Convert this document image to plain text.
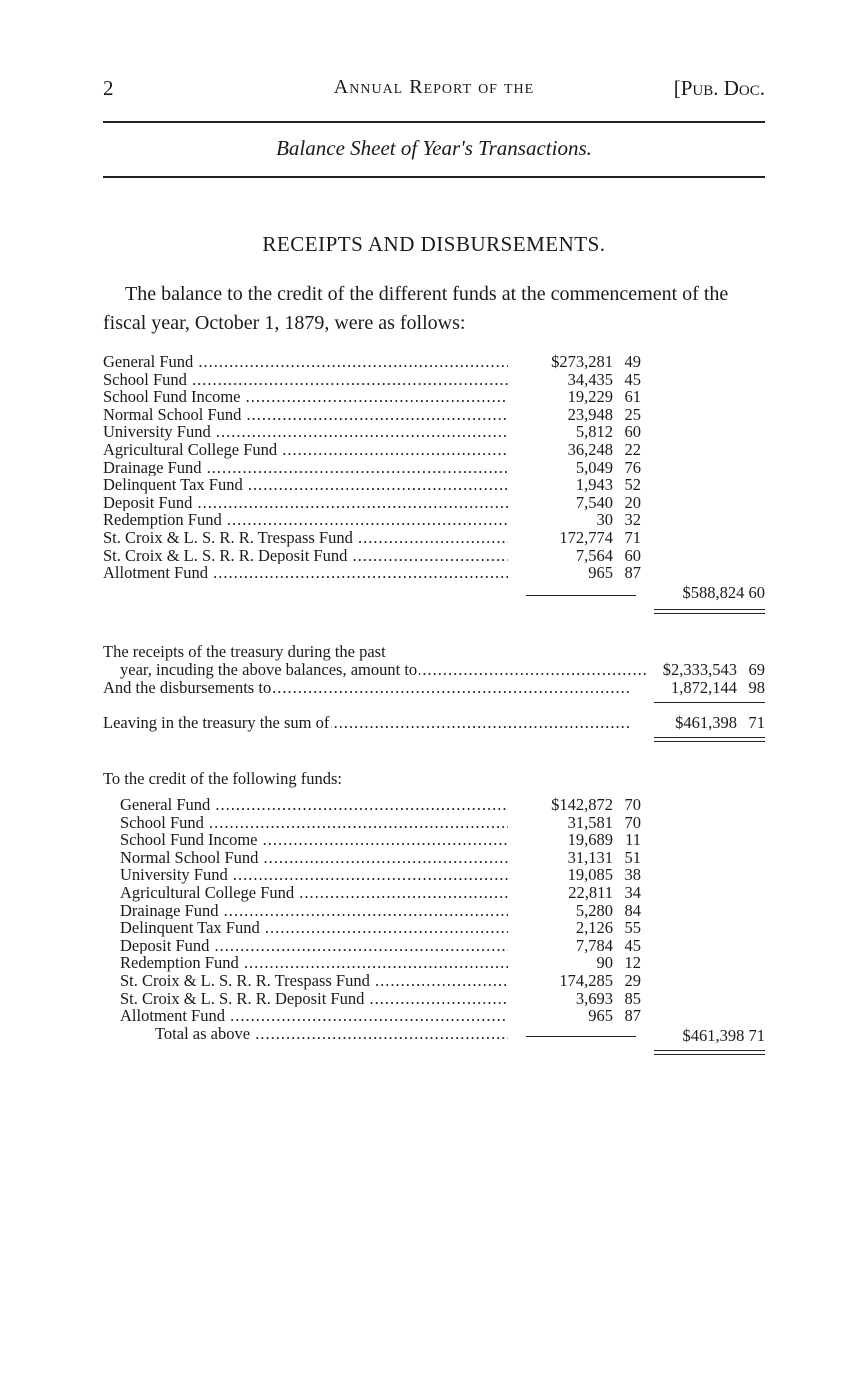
2	Annual Report of the	[Pub. Doc.
Balance Sheet of Year's Transactions.
RECEIPTS AND DISBURSEMENTS.

The balance to the credit of the different funds at the commencement of the fiscal year, October 1, 1879, were as follows:

General Fund .....	$273,281 49
School Fund .....	34,435 45
School Fund Income .....	19,229 61
Normal School Fund .....	23,948 25
University Fund .....	5,812 60
Agricultural College Fund .....	36,248 22
Drainage Fund .....	5,049 76
Delinquent Tax Fund .....	1,943 52
Deposit Fund .....	7,540 20
Redemption Fund .....	30 32
St. Croix & L. S. R. R. Trespass Fund .....	172,774 71
St. Croix & L. S. R. R. Deposit Fund .....	7,564 60
Allotment Fund .....	965 87
$588,824 60
The receipts of the treasury during the past
.....
year, incuding the above balances, amount to	$2,333,543 69
.....
And the disbursements to	1,872,144 98
.....
Leaving in the treasury the sum of	$461,398 71
To the credit of the following funds:
General Fund .....	$142,872 70
School Fund .....	31,581 70
School Fund Income .....	19,689 11
Normal School Fund .....	31,131 51
University Fund .....	19,085 38
Agricultural College Fund .....	22,811 34
Drainage Fund .....	5,280 84
Delinquent Tax Fund .....	2,126 55
Deposit Fund .....	7,784 45
Redemption Fund .....	90 12
St. Croix & L. S. R. R. Trespass Fund .....	174,285 29
St. Croix & L. S. R. R. Deposit Fund .....	3,693 85
Allotment Fund .....	965 87
Total as above .....	$461,398 71
